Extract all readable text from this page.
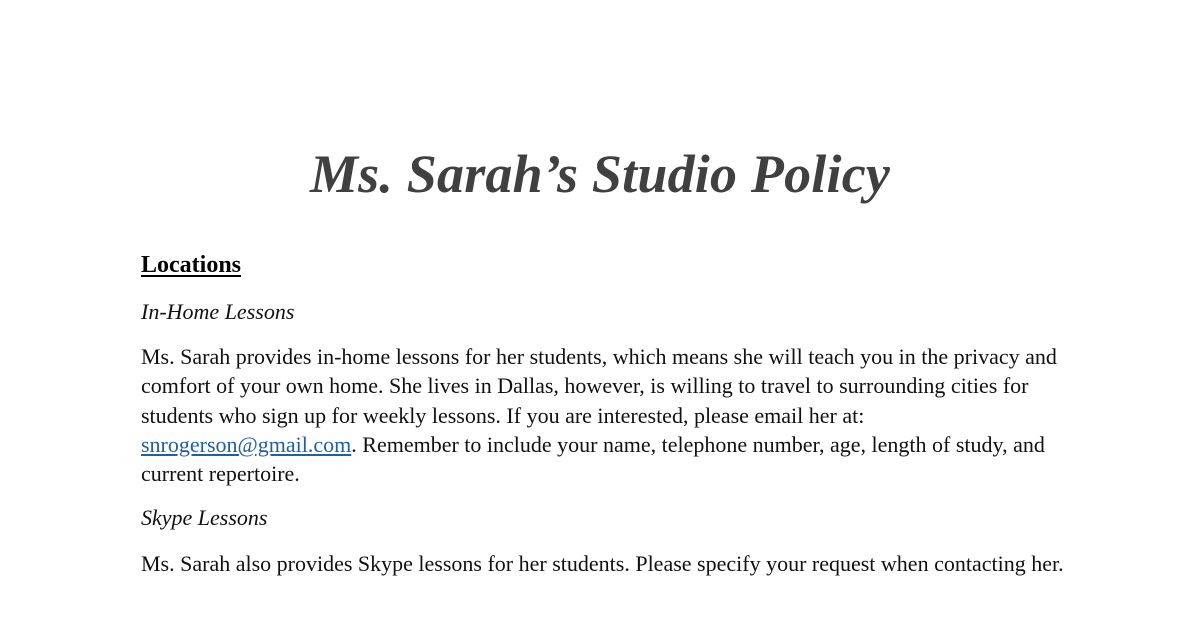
Ms. Sarah’s Studio Policy
Locations
In-Home Lessons
Ms. Sarah provides in-home lessons for her students, which means she will teach you in the privacy and comfort of your own home. She lives in Dallas, however, is willing to travel to surrounding cities for students who sign up for weekly lessons. If you are interested, please email her at: snrogerson@gmail.com. Remember to include your name, telephone number, age, length of study, and current repertoire.
Skype Lessons
Ms. Sarah also provides Skype lessons for her students. Please specify your request when contacting her.
